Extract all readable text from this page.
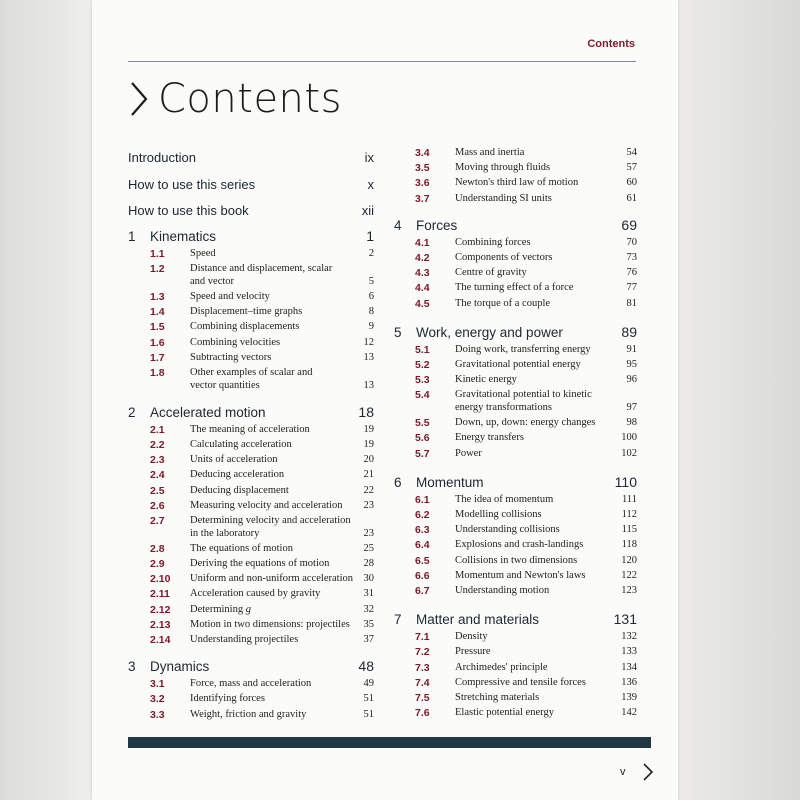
Contents
Contents
Introduction	ix
How to use this series	x
How to use this book	xii
1	Kinematics	1
1.1	Speed	2
1.2	Distance and displacement, scalar
and vector	5
1.3	Speed and velocity	6
1.4	Displacement–time graphs	8
1.5	Combining displacements	9
1.6	Combining velocities	12
1.7	Subtracting vectors	13
1.8	Other examples of scalar and
vector quantities	13
2	Accelerated motion	18
2.1	The meaning of acceleration	19
2.2	Calculating acceleration	19
2.3	Units of acceleration	20
2.4	Deducing acceleration	21
2.5	Deducing displacement	22
2.6	Measuring velocity and acceleration	23
2.7	Determining velocity and acceleration
in the laboratory	23
2.8	The equations of motion	25
2.9	Deriving the equations of motion	28
2.10	Uniform and non-uniform acceleration	30
2.11	Acceleration caused by gravity	31
2.12	Determining g	32
2.13	Motion in two dimensions: projectiles	35
2.14	Understanding projectiles	37
3	Dynamics	48
3.1	Force, mass and acceleration	49
3.2	Identifying forces	51
3.3	Weight, friction and gravity	51
3.4	Mass and inertia	54
3.5	Moving through fluids	57
3.6	Newton's third law of motion	60
3.7	Understanding SI units	61
4	Forces	69
4.1	Combining forces	70
4.2	Components of vectors	73
4.3	Centre of gravity	76
4.4	The turning effect of a force	77
4.5	The torque of a couple	81
5	Work, energy and power	89
5.1	Doing work, transferring energy	91
5.2	Gravitational potential energy	95
5.3	Kinetic energy	96
5.4	Gravitational potential to kinetic
energy transformations	97
5.5	Down, up, down: energy changes	98
5.6	Energy transfers	100
5.7	Power	102
6	Momentum	110
6.1	The idea of momentum	111
6.2	Modelling collisions	112
6.3	Understanding collisions	115
6.4	Explosions and crash-landings	118
6.5	Collisions in two dimensions	120
6.6	Momentum and Newton's laws	122
6.7	Understanding motion	123
7	Matter and materials	131
7.1	Density	132
7.2	Pressure	133
7.3	Archimedes' principle	134
7.4	Compressive and tensile forces	136
7.5	Stretching materials	139
7.6	Elastic potential energy	142
v
